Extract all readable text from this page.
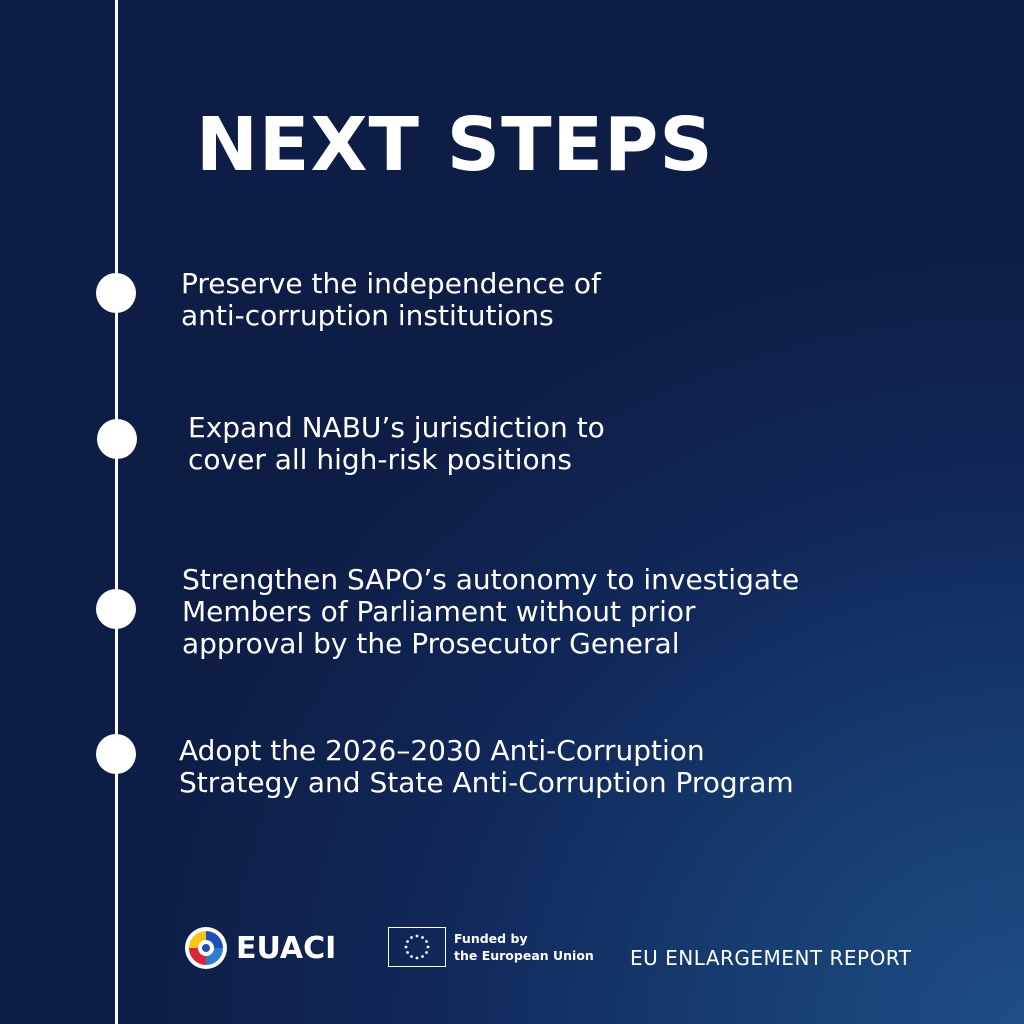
NEXT STEPS
Preserve the independence of
anti-corruption institutions
Expand NABU’s jurisdiction to
cover all high-risk positions
Strengthen SAPO’s autonomy to investigate
Members of Parliament without prior
approval by the Prosecutor General
Adopt the 2026–2030 Anti-Corruption
Strategy and State Anti-Corruption Program
EUACI	Funded by
the European Union EU ENLARGEMENT REPORT
